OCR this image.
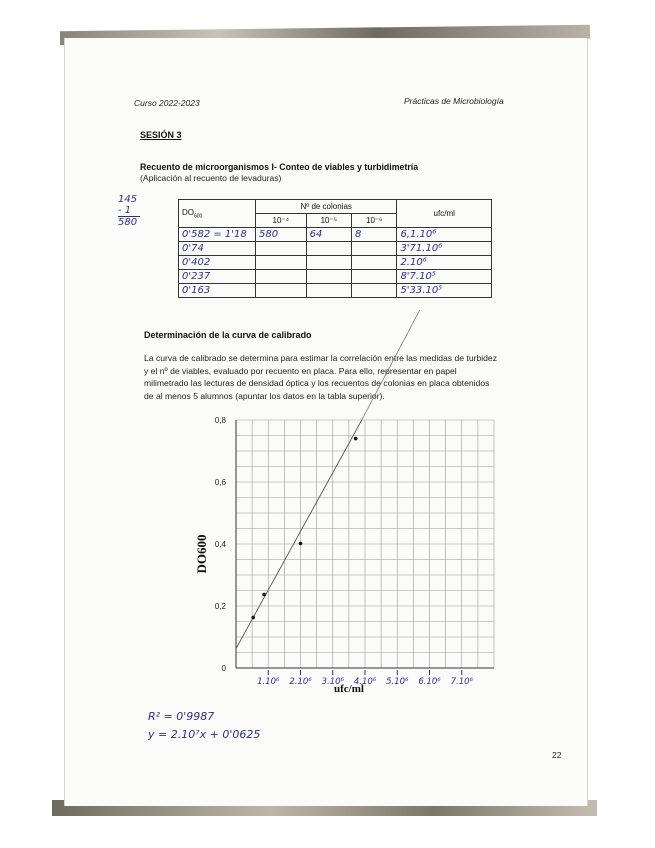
Curso 2022-2023	Prácticas de Microbiología
SESIÓN 3
Recuento de microorganismos I- Conteo de viables y turbidimetría
(Aplicación al recuento de levaduras)
145
- 1
580
$DO_{600}$	Nº de colonias			ufc/ml
	10⁻⁴	10⁻⁵	10⁻⁶	
0'582 = 1'18	580	64	8	6,1.10⁶
0'74				3'71.10⁶
0'402				2.10⁶
0'237				8'7.10⁵
0'163				5'33.10⁵
Determinación de la curva de calibrado
La curva de calibrado se determina para estimar la correlación entre las medidas de turbidez
y el nº de viables, evaluado por recuento en placa. Para ello, representar en papel
milimetrado las lecturas de densidad óptica y los recuentos de colonias en placa obtenidos
de al menos 5 alumnos (apuntar los datos en la tabla superior).
0
0,2
0,4
0,6
0,8
1.10⁶ 2.10⁶ 3.10⁶ 4.10⁶ 5.10⁶ 6.10⁶ 7.10⁶
DO600
ufc/ml
R² = 0'9987
y = 2.10⁷x + 0'0625
22
